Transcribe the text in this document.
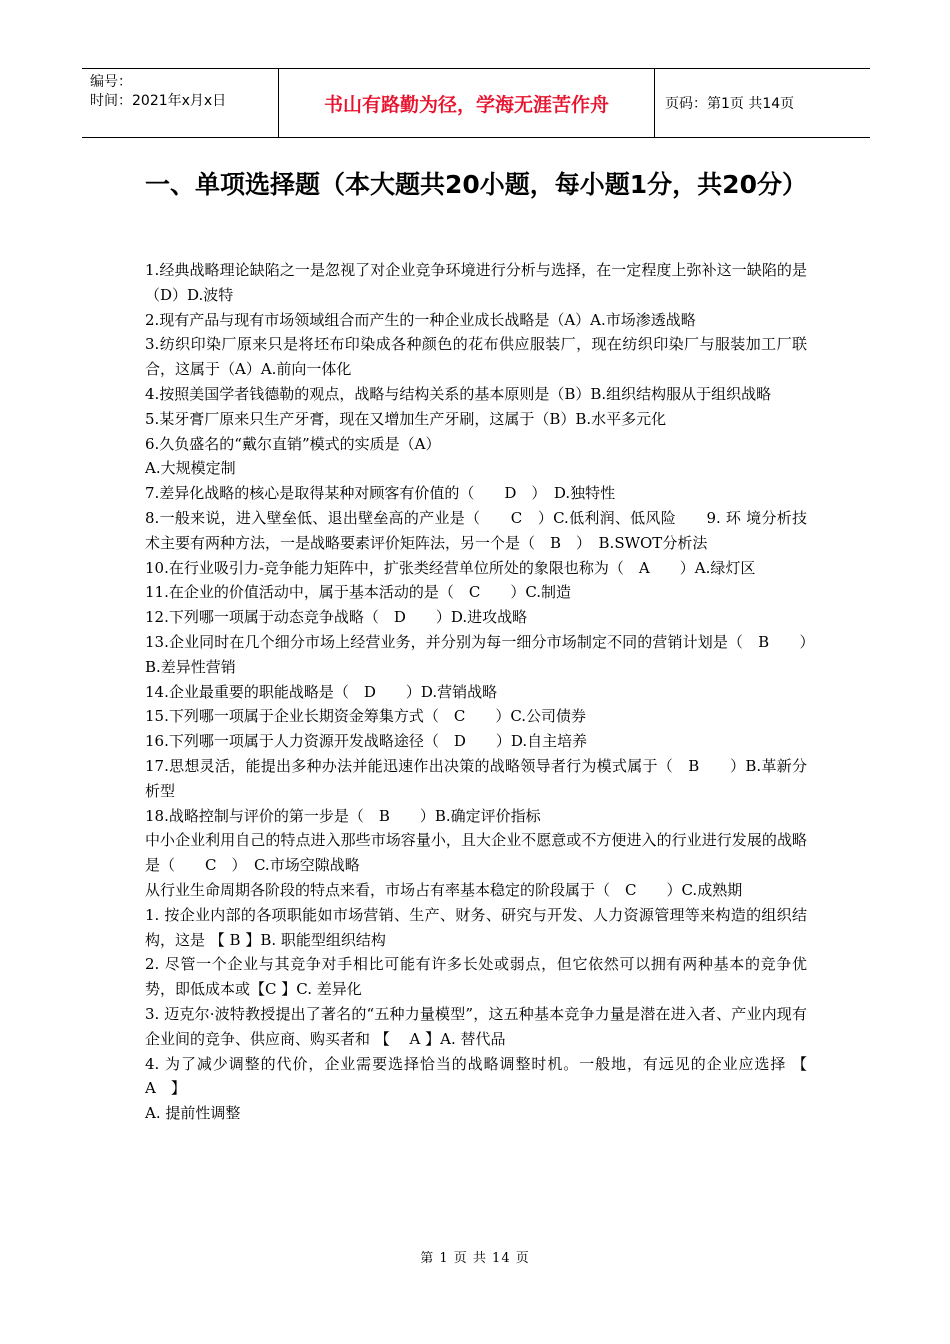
编号：
时间：2021年x月x日	书山有路勤为径，学海无涯苦作舟	页码：第1页 共14页
一、单项选择题（本大题共20小题，每小题1分，共20分）

1.经典战略理论缺陷之一是忽视了对企业竞争环境进行分析与选择，在一定程度上弥补这一缺陷的是（D）D.波特

2.现有产品与现有市场领域组合而产生的一种企业成长战略是（A）A.市场渗透战略

3.纺织印染厂原来只是将坯布印染成各种颜色的花布供应服装厂，现在纺织印染厂与服装加工厂联合，这属于（A）A.前向一体化

4.按照美国学者钱德勒的观点，战略与结构关系的基本原则是（B）B.组织结构服从于组织战略

5.某牙膏厂原来只生产牙膏，现在又增加生产牙刷，这属于（B）B.水平多元化

6.久负盛名的“戴尔直销”模式的实质是（A）

A.大规模定制

7.差异化战略的核心是取得某种对顾客有价值的（　　D　）　D.独特性

8.一般来说，进入壁垒低、退出壁垒高的产业是（　　C　）C.低利润、低风险　　9. 环 境分析技术主要有两种方法，一是战略要素评价矩阵法，另一个是（　B　）　B.SWOT分析法

10.在行业吸引力-竞争能力矩阵中，扩张类经营单位所处的象限也称为（　A　　）A.绿灯区

11.在企业的价值活动中，属于基本活动的是（　C　　）C.制造

12.下列哪一项属于动态竞争战略（　D　　）D.进攻战略

13.企业同时在几个细分市场上经营业务，并分别为每一细分市场制定不同的营销计划是（　B　　）B.差异性营销

14.企业最重要的职能战略是（　D　　）D.营销战略

15.下列哪一项属于企业长期资金筹集方式（　C　　）C.公司债券

16.下列哪一项属于人力资源开发战略途径（　D　　）D.自主培养

17.思想灵活，能提出多种办法并能迅速作出决策的战略领导者行为模式属于（　B　　）B.革新分析型

18.战略控制与评价的第一步是（　B　　）B.确定评价指标

中小企业利用自己的特点进入那些市场容量小，且大企业不愿意或不方便进入的行业进行发展的战略是（　　C　）　C.市场空隙战略

从行业生命周期各阶段的特点来看，市场占有率基本稳定的阶段属于（　C　　）C.成熟期

1. 按企业内部的各项职能如市场营销、生产、财务、研究与开发、人力资源管理等来构造的组织结构，这是 【 B 】B. 职能型组织结构

2. 尽管一个企业与其竞争对手相比可能有许多长处或弱点，但它依然可以拥有两种基本的竞争优势，即低成本或【C 】C. 差异化

3. 迈克尔·波特教授提出了著名的“五种力量模型”，这五种基本竞争力量是潜在进入者、产业内现有企业间的竞争、供应商、购买者和 【　 A 】A. 替代品

4. 为了减少调整的代价，企业需要选择恰当的战略调整时机。一般地，有远见的企业应选择 【　A　】

A. 提前性调整

第 1 页 共 14 页
